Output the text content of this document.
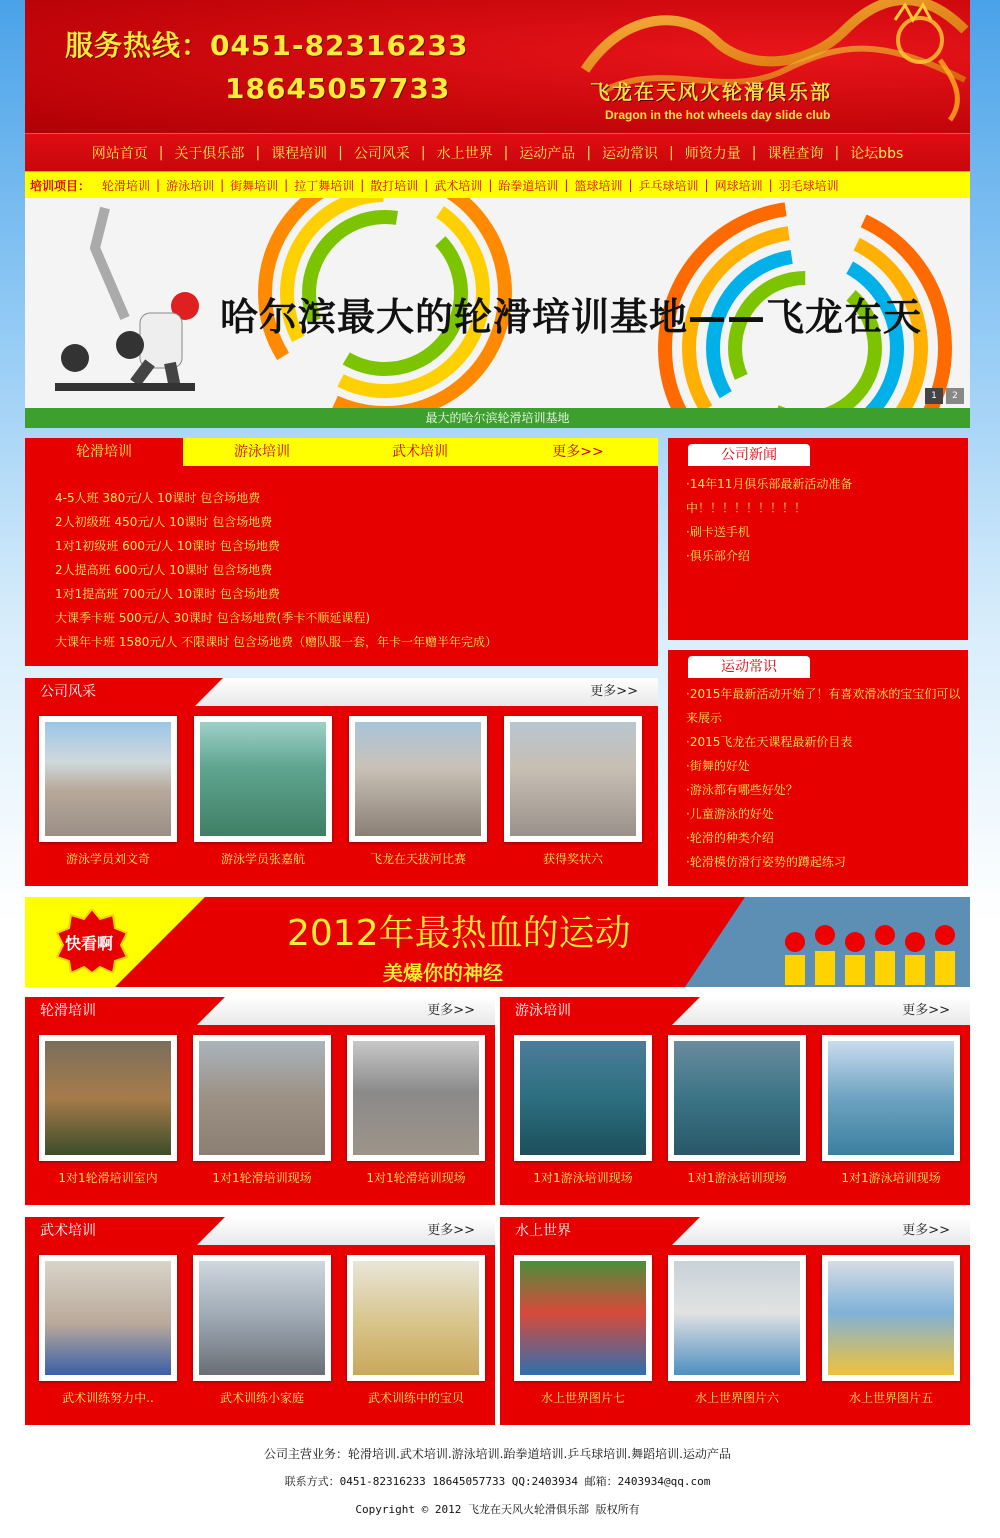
服务热线：0451-82316233
18645057733	飞龙在天风火轮滑俱乐部
Dragon in the hot wheels day slide club
网站首页 | 关于俱乐部 | 课程培训 | 公司风采 | 水上世界 | 运动产品 | 运动常识 | 师资力量 | 课程查询 | 论坛bbs
培训项目：	轮滑培训 | 游泳培训 | 街舞培训 | 拉丁舞培训 | 散打培训 | 武术培训 | 跆拳道培训 | 篮球培训 | 乒乓球培训 | 网球培训 | 羽毛球培训
哈尔滨最大的轮滑培训基地——飞龙在天
1	2
最大的哈尔滨轮滑培训基地
轮滑培训	游泳培训	武术培训	更多>>
4-5人班 380元/人 10课时 包含场地费
2人初级班 450元/人 10课时 包含场地费
1对1初级班 600元/人 10课时 包含场地费
2人提高班 600元/人 10课时 包含场地费
1对1提高班 700元/人 10课时 包含场地费
大课季卡班 500元/人 30课时 包含场地费(季卡不顺延课程)
大课年卡班 1580元/人 不限课时 包含场地费（赠队服一套，年卡一年赠半年完成）
公司新闻
·14年11月俱乐部最新活动准备
中！！！！！！！！！
·刷卡送手机
·俱乐部介绍
运动常识
·2015年最新活动开始了！有喜欢滑冰的宝宝们可以
来展示
·2015飞龙在天课程最新价目表
·街舞的好处
·游泳都有哪些好处？
·儿童游泳的好处
·轮滑的种类介绍
·轮滑模仿滑行姿势的蹲起练习
公司风采	更多>>
游泳学员刘文奇	游泳学员张嘉航	飞龙在天拔河比赛	获得奖状六
快看啊	2012年最热血的运动
美爆你的神经
轮滑培训	更多>>
1对1轮滑培训室内	1对1轮滑培训现场	1对1轮滑培训现场
游泳培训	更多>>
1对1游泳培训现场	1对1游泳培训现场	1对1游泳培训现场
武术培训	更多>>
武术训练努力中..	武术训练小家庭	武术训练中的宝贝
水上世界	更多>>
水上世界图片七	水上世界图片六	水上世界图片五

公司主营业务：轮滑培训.武术培训.游泳培训.跆拳道培训.乒乓球培训.舞蹈培训.运动产品

联系方式：0451-82316233 18645057733 QQ:2403934 邮箱：2403934@qq.com

Copyright © 2012 飞龙在天风火轮滑俱乐部 版权所有
